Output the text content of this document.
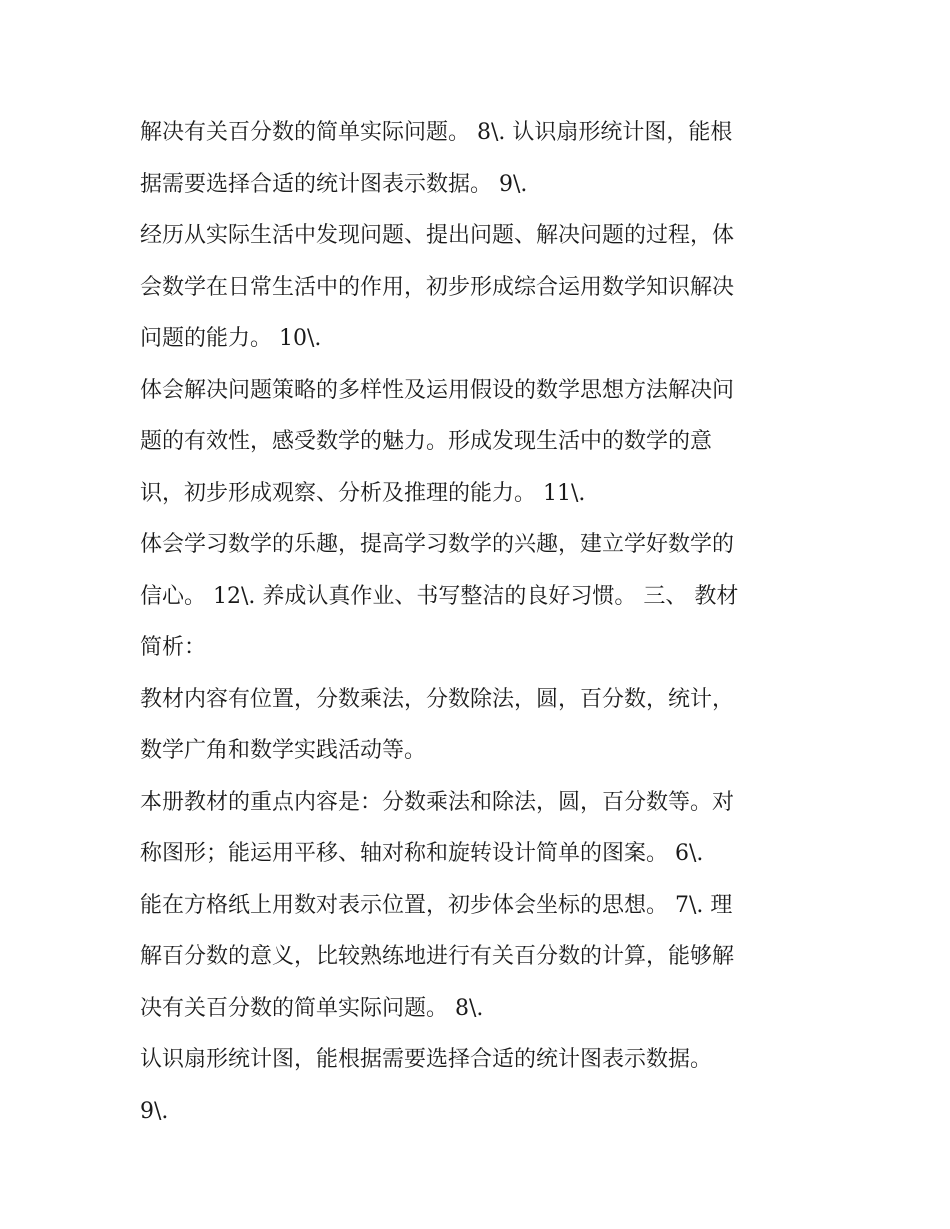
解决有关百分数的简单实际问题。 8\. 认识扇形统计图，能根
据需要选择合适的统计图表示数据。 9\.
经历从实际生活中发现问题、提出问题、解决问题的过程，体
会数学在日常生活中的作用，初步形成综合运用数学知识解决
问题的能力。 10\.
体会解决问题策略的多样性及运用假设的数学思想方法解决问
题的有效性，感受数学的魅力。形成发现生活中的数学的意
识，初步形成观察、分析及推理的能力。 11\.
体会学习数学的乐趣，提高学习数学的兴趣，建立学好数学的
信心。 12\. 养成认真作业、书写整洁的良好习惯。 三、 教材
简析：
教材内容有位置，分数乘法，分数除法，圆，百分数，统计，
数学广角和数学实践活动等。
本册教材的重点内容是：分数乘法和除法，圆，百分数等。对
称图形；能运用平移、轴对称和旋转设计简单的图案。 6\.
能在方格纸上用数对表示位置，初步体会坐标的思想。 7\. 理
解百分数的意义，比较熟练地进行有关百分数的计算，能够解
决有关百分数的简单实际问题。 8\.
认识扇形统计图，能根据需要选择合适的统计图表示数据。
9\.
